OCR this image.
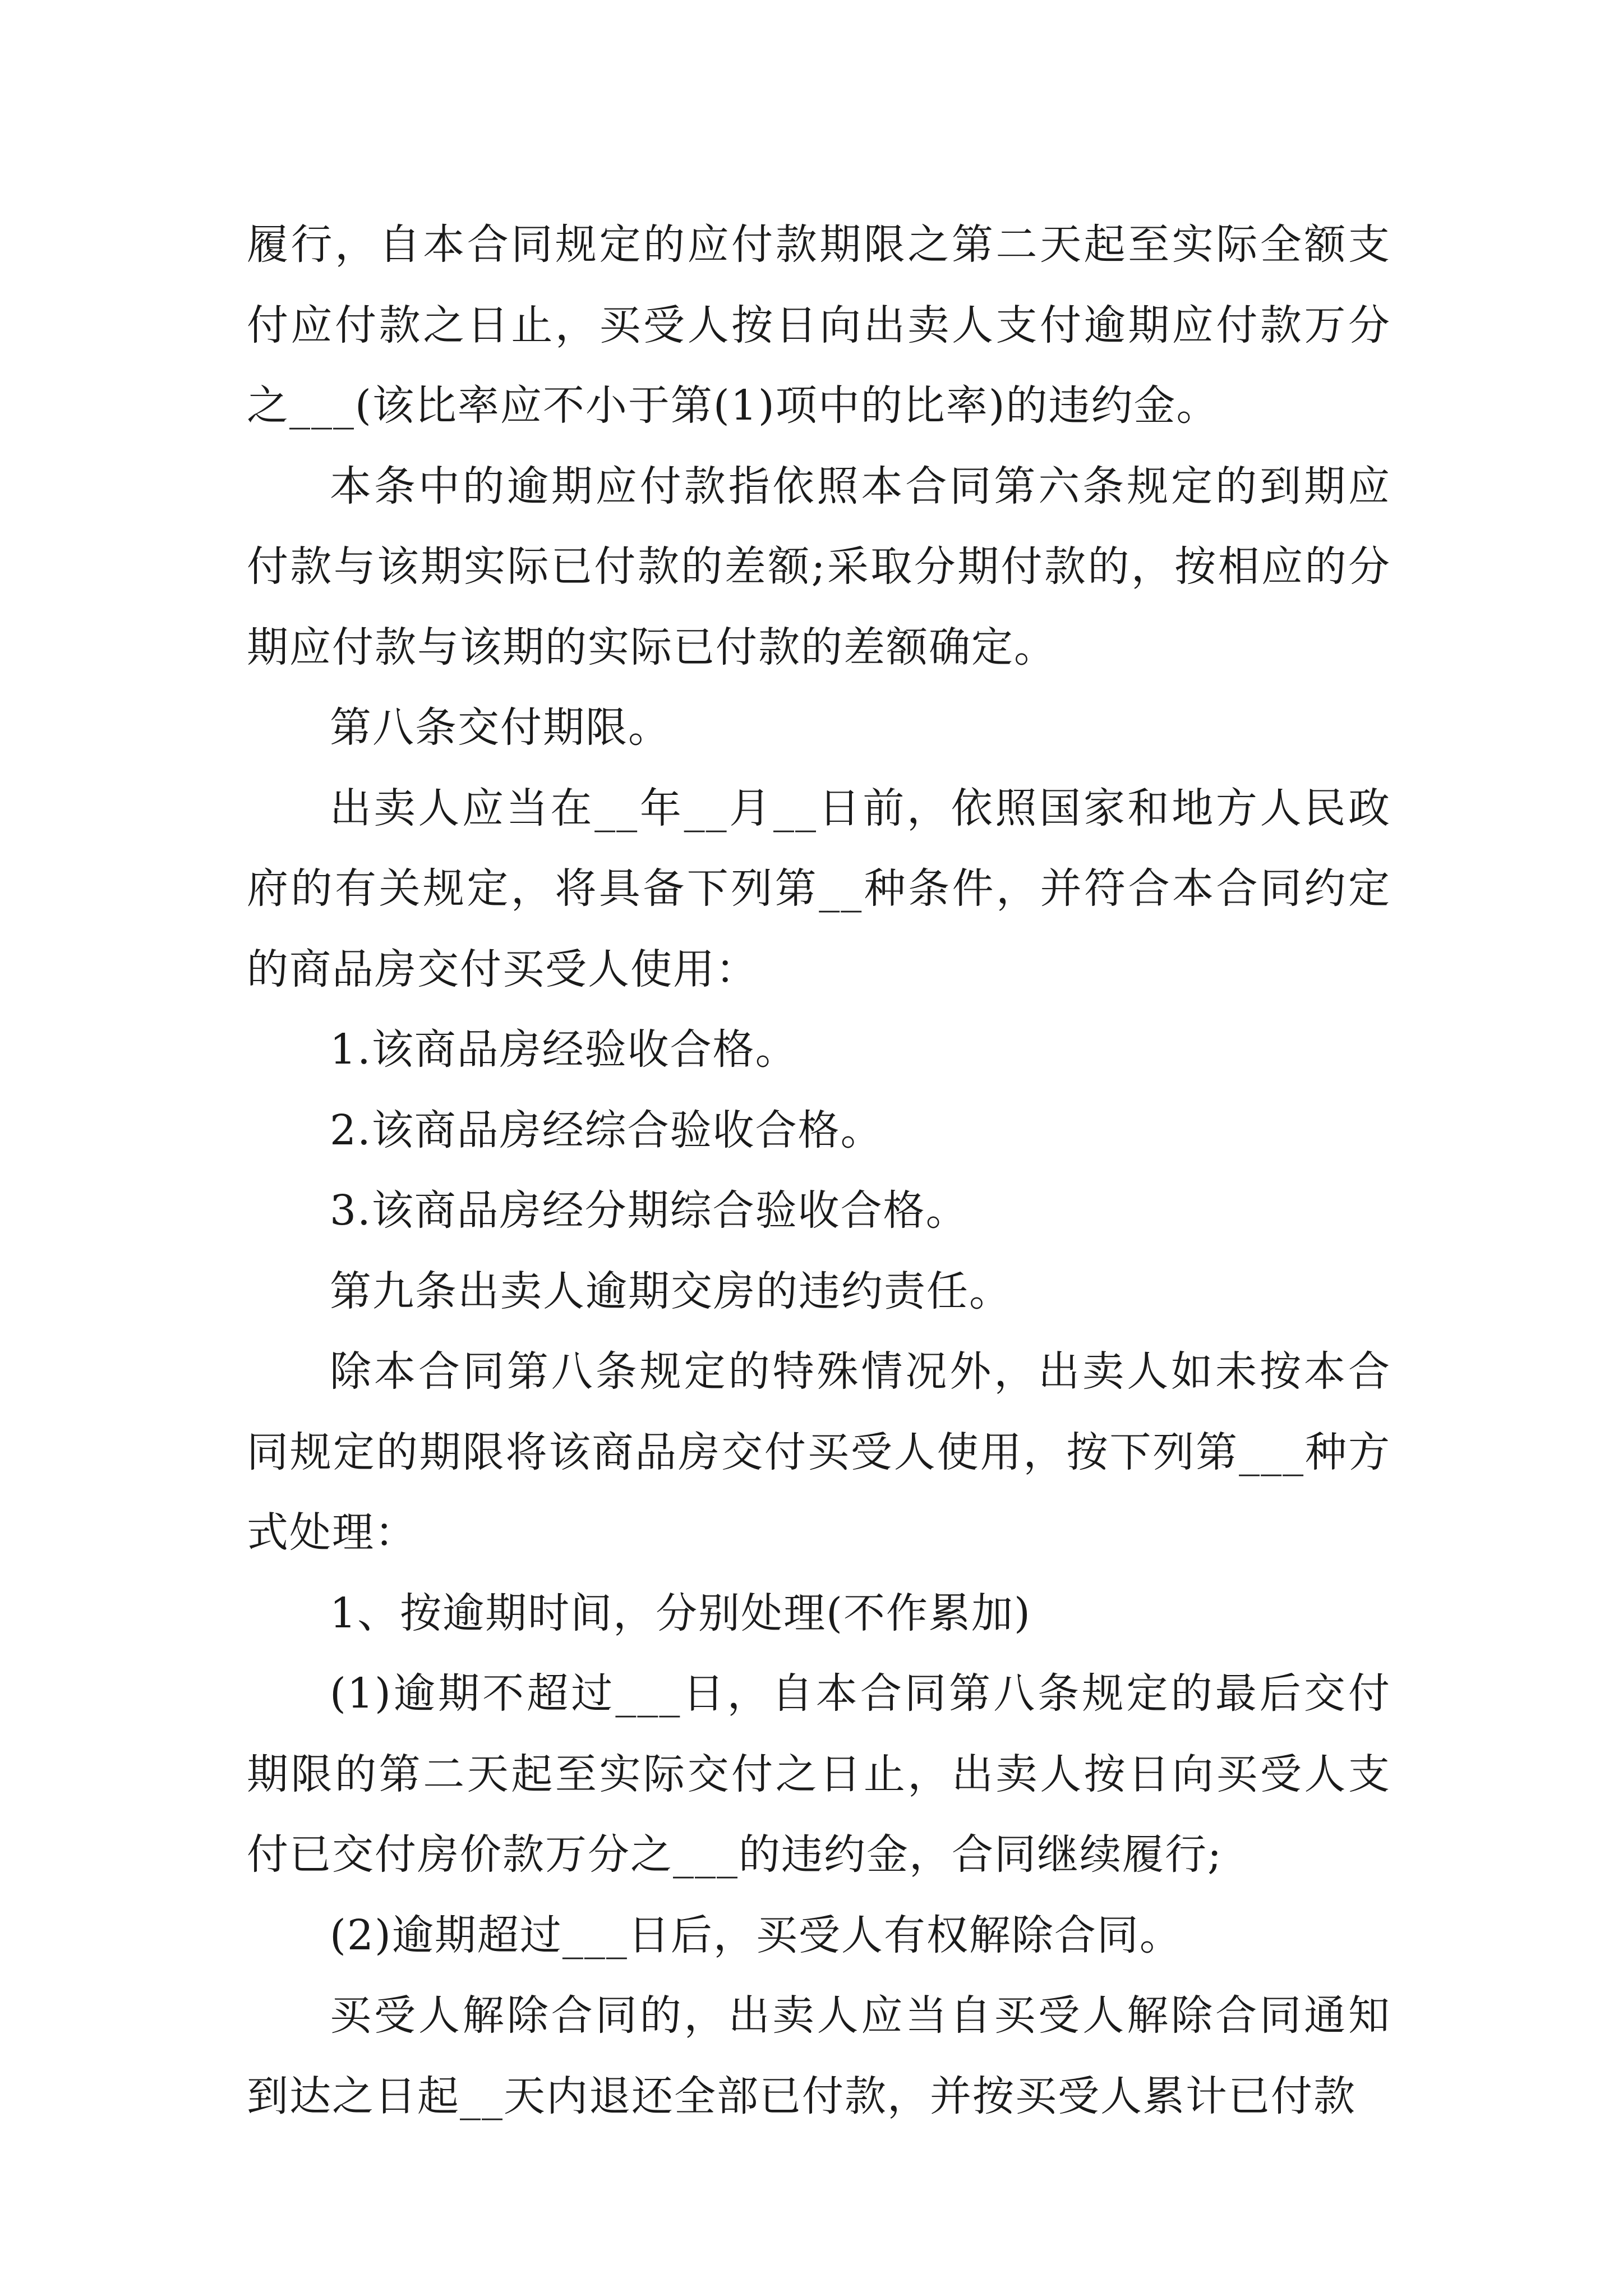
履行，自本合同规定的应付款期限之第二天起至实际全额支付应付款之日止，买受人按日向出卖人支付逾期应付款万分之___(该比率应不小于第(1)项中的比率)的违约金。

本条中的逾期应付款指依照本合同第六条规定的到期应付款与该期实际已付款的差额;采取分期付款的，按相应的分期应付款与该期的实际已付款的差额确定。

第八条交付期限。

出卖人应当在__年__月__日前，依照国家和地方人民政府的有关规定，将具备下列第__种条件，并符合本合同约定的商品房交付买受人使用：

1.该商品房经验收合格。

2.该商品房经综合验收合格。

3.该商品房经分期综合验收合格。

第九条出卖人逾期交房的违约责任。

除本合同第八条规定的特殊情况外，出卖人如未按本合同规定的期限将该商品房交付买受人使用，按下列第___种方式处理：

1、按逾期时间，分别处理(不作累加)

(1)逾期不超过___日，自本合同第八条规定的最后交付期限的第二天起至实际交付之日止，出卖人按日向买受人支付已交付房价款万分之___的违约金，合同继续履行;

(2)逾期超过___日后，买受人有权解除合同。

买受人解除合同的，出卖人应当自买受人解除合同通知到达之日起__天内退还全部已付款，并按买受人累计已付款
